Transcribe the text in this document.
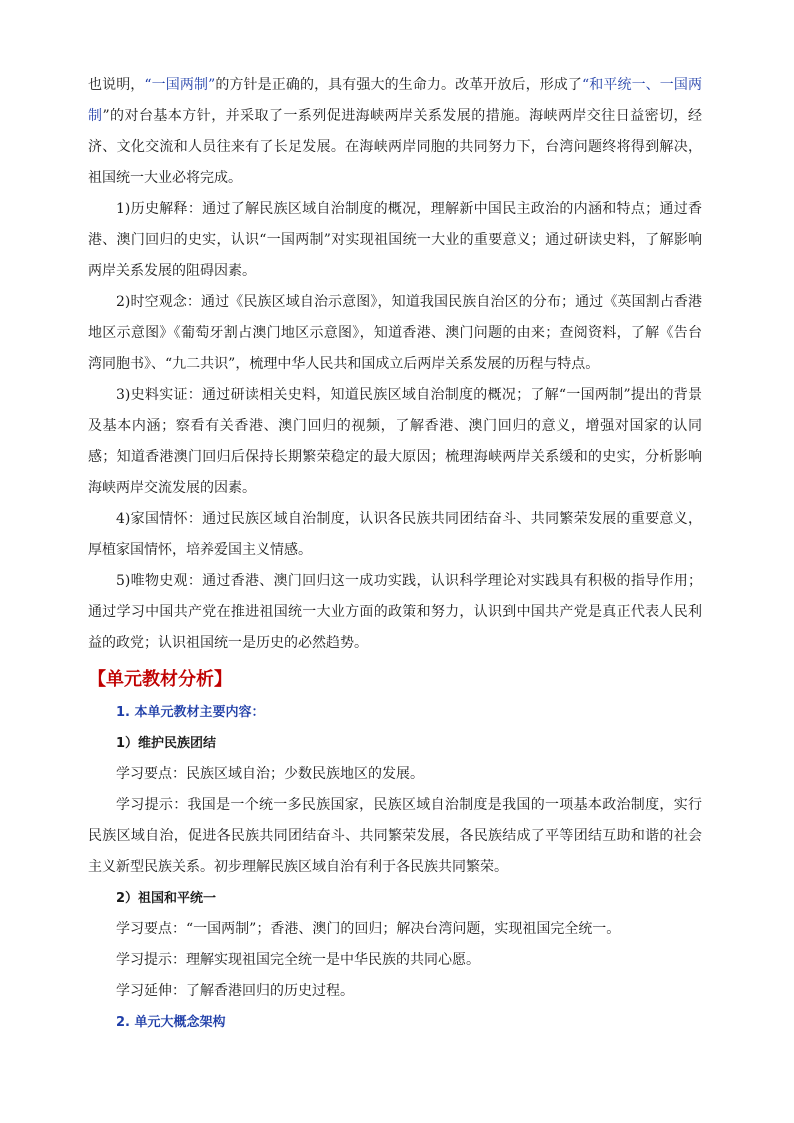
也说明，“一国两制”的方针是正确的，具有强大的生命力。改革开放后，形成了“和平统一、一国两制”的对台基本方针，并采取了一系列促进海峡两岸关系发展的措施。海峡两岸交往日益密切，经济、文化交流和人员往来有了长足发展。在海峡两岸同胞的共同努力下，台湾问题终将得到解决，祖国统一大业必将完成。

1)历史解释：通过了解民族区域自治制度的概况，理解新中国民主政治的内涵和特点；通过香港、澳门回归的史实，认识“一国两制”对实现祖国统一大业的重要意义；通过研读史料，了解影响两岸关系发展的阻碍因素。

2)时空观念：通过《民族区域自治示意图》，知道我国民族自治区的分布；通过《英国割占香港地区示意图》《葡萄牙割占澳门地区示意图》，知道香港、澳门问题的由来；查阅资料，了解《告台湾同胞书》、“九二共识”，梳理中华人民共和国成立后两岸关系发展的历程与特点。

3)史料实证：通过研读相关史料，知道民族区域自治制度的概况；了解“一国两制”提出的背景及基本内涵；察看有关香港、澳门回归的视频，了解香港、澳门回归的意义，增强对国家的认同感；知道香港澳门回归后保持长期繁荣稳定的最大原因；梳理海峡两岸关系缓和的史实，分析影响海峡两岸交流发展的因素。

4)家国情怀：通过民族区域自治制度，认识各民族共同团结奋斗、共同繁荣发展的重要意义，厚植家国情怀，培养爱国主义情感。

5)唯物史观：通过香港、澳门回归这一成功实践，认识科学理论对实践具有积极的指导作用；通过学习中国共产党在推进祖国统一大业方面的政策和努力，认识到中国共产党是真正代表人民利益的政党；认识祖国统一是历史的必然趋势。

【单元教材分析】

1. 本单元教材主要内容：

1）维护民族团结

学习要点：民族区域自治；少数民族地区的发展。

学习提示：我国是一个统一多民族国家，民族区域自治制度是我国的一项基本政治制度，实行民族区域自治，促进各民族共同团结奋斗、共同繁荣发展，各民族结成了平等团结互助和谐的社会主义新型民族关系。初步理解民族区域自治有利于各民族共同繁荣。

2）祖国和平统一

学习要点：“一国两制”；香港、澳门的回归；解决台湾问题，实现祖国完全统一。

学习提示：理解实现祖国完全统一是中华民族的共同心愿。

学习延伸：了解香港回归的历史过程。

2. 单元大概念架构
